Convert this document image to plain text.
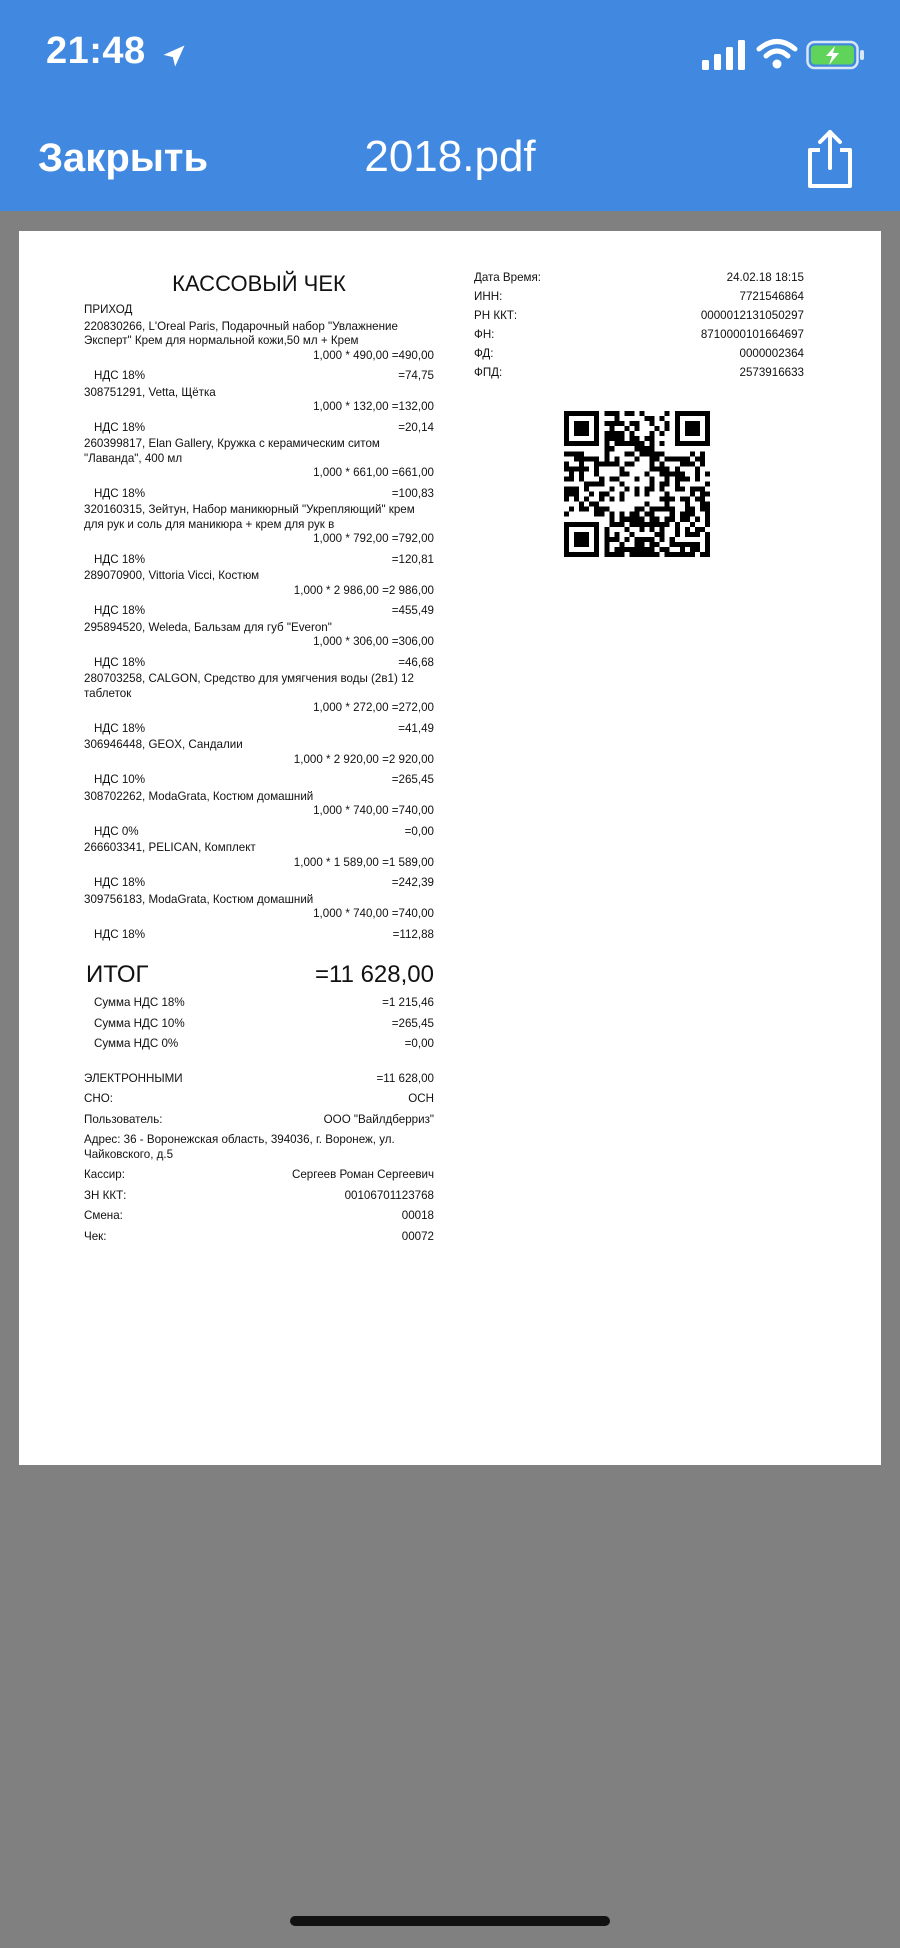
21:48
Закрыть	2018.pdf
КАССОВЫЙ ЧЕК
ПРИХОД
220830266, L'Oreal Paris, Подарочный набор "Увлажнение Эксперт" Крем для нормальной кожи,50 мл + Крем
1,000 * 490,00 =490,00
НДС 18%	=74,75
308751291, Vetta, Щётка
1,000 * 132,00 =132,00
НДС 18%	=20,14
260399817, Elan Gallery, Кружка с керамическим ситом "Лаванда", 400 мл
1,000 * 661,00 =661,00
НДС 18%	=100,83
320160315, Зейтун, Набор маникюрный "Укрепляющий" крем для рук и соль для маникюра + крем для рук в
1,000 * 792,00 =792,00
НДС 18%	=120,81
289070900, Vittoria Vicci, Костюм
1,000 * 2 986,00 =2 986,00
НДС 18%	=455,49
295894520, Weleda, Бальзам для губ "Everon"
1,000 * 306,00 =306,00
НДС 18%	=46,68
280703258, CALGON, Средство для умягчения воды (2в1) 12 таблеток
1,000 * 272,00 =272,00
НДС 18%	=41,49
306946448, GEOX, Сандалии
1,000 * 2 920,00 =2 920,00
НДС 10%	=265,45
308702262, ModaGrata, Костюм домашний
1,000 * 740,00 =740,00
НДС 0%	=0,00
266603341, PELICAN, Комплект
1,000 * 1 589,00 =1 589,00
НДС 18%	=242,39
309756183, ModaGrata, Костюм домашний
1,000 * 740,00 =740,00
НДС 18%	=112,88
ИТОГ	=11 628,00
Сумма НДС 18%	=1 215,46
Сумма НДС 10%	=265,45
Сумма НДС 0%	=0,00
ЭЛЕКТРОННЫМИ	=11 628,00
СНО:	ОСН
Пользователь:	ООО "Вайлдберриз"
Адрес: 36 - Воронежская область, 394036, г. Воронеж, ул. Чайковского, д.5
Кассир:	Сергеев Роман Сергеевич
ЗН ККТ:	00106701123768
Смена:	00018
Чек:	00072
Дата Время:	24.02.18 18:15
ИНН:	7721546864
РН ККТ:	0000012131050297
ФН:	8710000101664697
ФД:	0000002364
ФПД:	2573916633
